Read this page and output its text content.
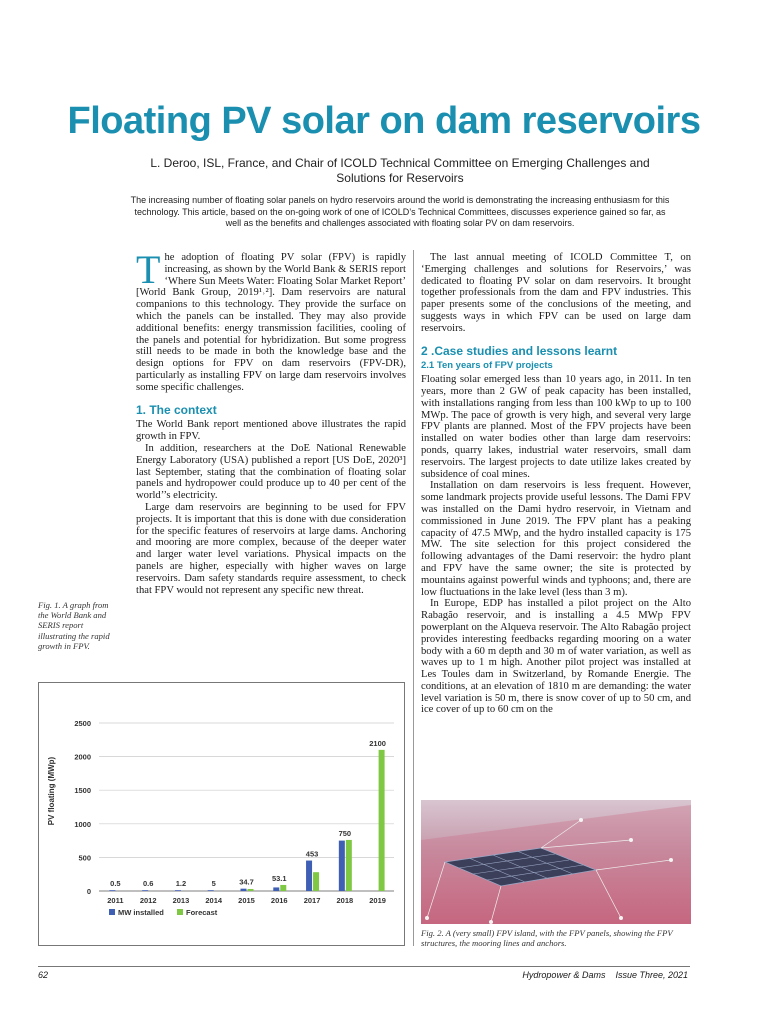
Floating PV solar on dam reservoirs
L. Deroo, ISL, France, and Chair of ICOLD Technical Committee on Emerging Challenges and Solutions for Reservoirs
The increasing number of floating solar panels on hydro reservoirs around the world is demonstrating the increasing enthusiasm for this technology. This article, based on the on-going work of one of ICOLD’s Technical Committees, discusses experience gained so far, as well as the benefits and challenges associated with floating solar PV on dam reservoirs.

The adoption of floating PV solar (FPV) is rapidly increasing, as shown by the World Bank & SERIS report ‘Where Sun Meets Water: Floating Solar Market Report’ [World Bank Group, 2019¹˒²]. Dam reservoirs are natural companions to this technology. They provide the surface on which the panels can be installed. They may also provide additional benefits: energy transmission facilities, cooling of the panels and potential for hybridization. But some progress still needs to be made in both the knowledge base and the design options for FPV on dam reservoirs (FPV-DR), particularly as installing FPV on large dam reservoirs involves some specific challenges.

1. The context

The World Bank report mentioned above illustrates the rapid growth in FPV.

In addition, researchers at the DoE National Renewable Energy Laboratory (USA) published a report [US DoE, 2020³] last September, stating that the combination of floating solar panels and hydropower could produce up to 40 per cent of the world’’s electricity.

Large dam reservoirs are beginning to be used for FPV projects. It is important that this is done with due consideration for the specific features of reservoirs at large dams. Anchoring and mooring are more complex, because of the deeper water and larger water level variations. Physical impacts on the panels are higher, especially with higher waves on large reservoirs. Dam safety standards require assessment, to check that FPV would not represent any specific new threat.

The last annual meeting of ICOLD Committee T, on ‘Emerging challenges and solutions for Reservoirs,’ was dedicated to floating PV solar on dam reservoirs. It brought together professionals from the dam and FPV industries. This paper presents some of the conclusions of the meeting, and suggests ways in which FPV can be used on large dam reservoirs.

2 .Case studies and lessons learnt
2.1 Ten years of FPV projects

Floating solar emerged less than 10 years ago, in 2011. In ten years, more than 2 GW of peak capacity has been installed, with installations ranging from less than 100 kWp to up to 100 MWp. The pace of growth is very high, and several very large FPV plants are planned. Most of the FPV projects have been installed on water bodies other than large dam reservoirs: ponds, quarry lakes, industrial water reservoirs, small dam reservoirs. The largest projects to date utilize lakes created by subsidence of coal mines.

Installation on dam reservoirs is less frequent. However, some landmark projects provide useful lessons. The Dami FPV was installed on the Dami hydro reservoir, in Vietnam and commissioned in June 2019. The FPV plant has a peaking capacity of 47.5 MWp, and the hydro installed capacity is 175 MW. The site selection for this project considered the following advantages of the Dami reservoir: the hydro plant and FPV have the same owner; the site is protected by mountains against powerful winds and typhoons; and, there are low fluctuations in the lake level (less than 3 m).

In Europe, EDP has installed a pilot project on the Alto Rabagão reservoir, and is installing a 4.5 MWp FPV powerplant on the Alqueva reservoir. The Alto Rabagão project provides interesting feedbacks regarding mooring on a water body with a 60 m depth and 30 m of water variation, as well as waves up to 1 m high. Another pilot project was installed at Les Toules dam in Switzerland, by Romande Energie. The conditions, at an elevation of 1810 m are demanding: the water level variation is 50 m, there is snow cover of up to 50 cm, and ice cover of up to 60 cm on the

Fig. 1. A graph from the World Bank and SERIS report illustrating the rapid growth in FPV.
PV floating (MWp)
0
500
1000
1500
2000
2500
2011
0.5
2012
0.6
2013
1.2
2014
5
2015
34.7
2016
53.1
2017
453
2018
750
2019
2100
MW installed	Forecast
Fig. 2. A (very small) FPV island, with the FPV panels, showing the FPV structures, the mooring lines and anchors.
62	Hydropower & Dams    Issue Three, 2021
